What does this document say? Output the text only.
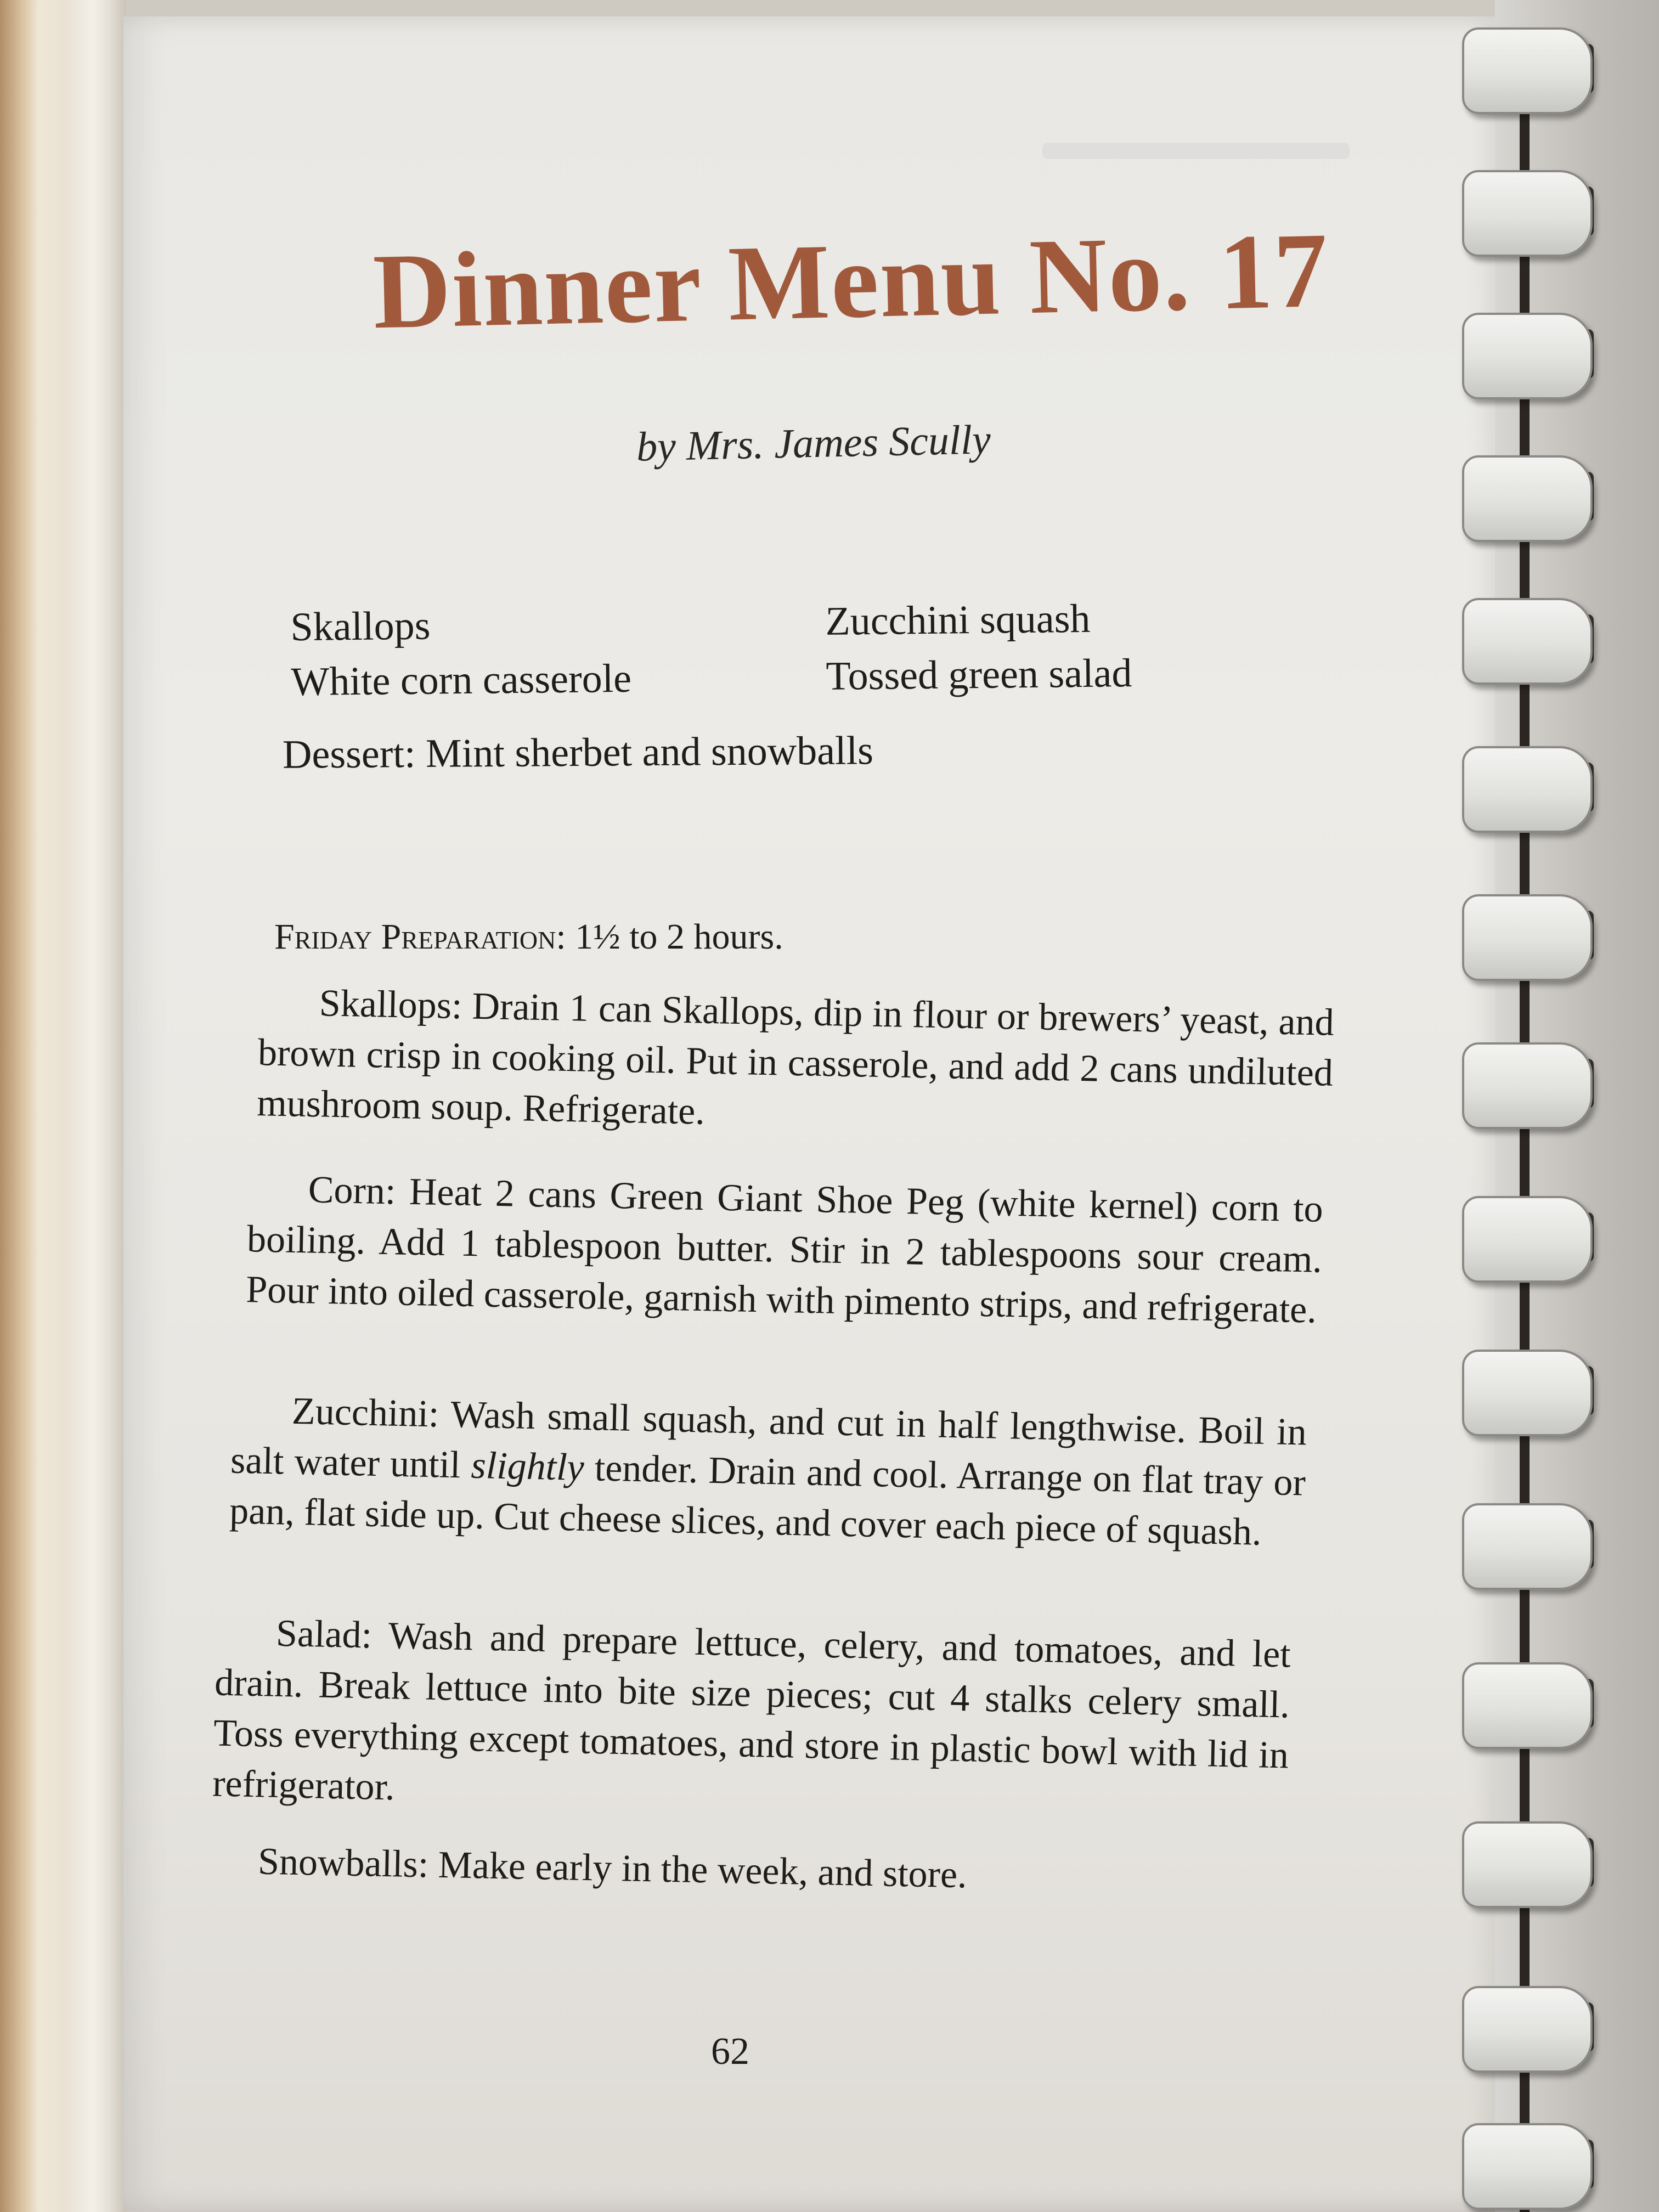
Dinner Menu No. 17
by Mrs. James Scully
Skallops
White corn casserole
Zucchini squash
Tossed green salad
Dessert: Mint sherbet and snowballs
Friday Preparation: 1½ to 2 hours.

Skallops: Drain 1 can Skallops, dip in flour or brewers’ yeast, and brown crisp in cooking oil. Put in casserole, and add 2 cans undiluted mushroom soup. Refrigerate.

Corn: Heat 2 cans Green Giant Shoe Peg (white kernel) corn to boiling. Add 1 tablespoon butter. Stir in 2 tablespoons sour cream. Pour into oiled casserole, garnish with pimento strips, and refrigerate.

Zucchini: Wash small squash, and cut in half lengthwise. Boil in salt water until slightly tender. Drain and cool. Arrange on flat tray or pan, flat side up. Cut cheese slices, and cover each piece of squash.

Salad: Wash and prepare lettuce, celery, and tomatoes, and let drain. Break lettuce into bite size pieces; cut 4 stalks celery small. Toss everything except tomatoes, and store in plastic bowl with lid in refrigerator.

Snowballs: Make early in the week, and store.

62
